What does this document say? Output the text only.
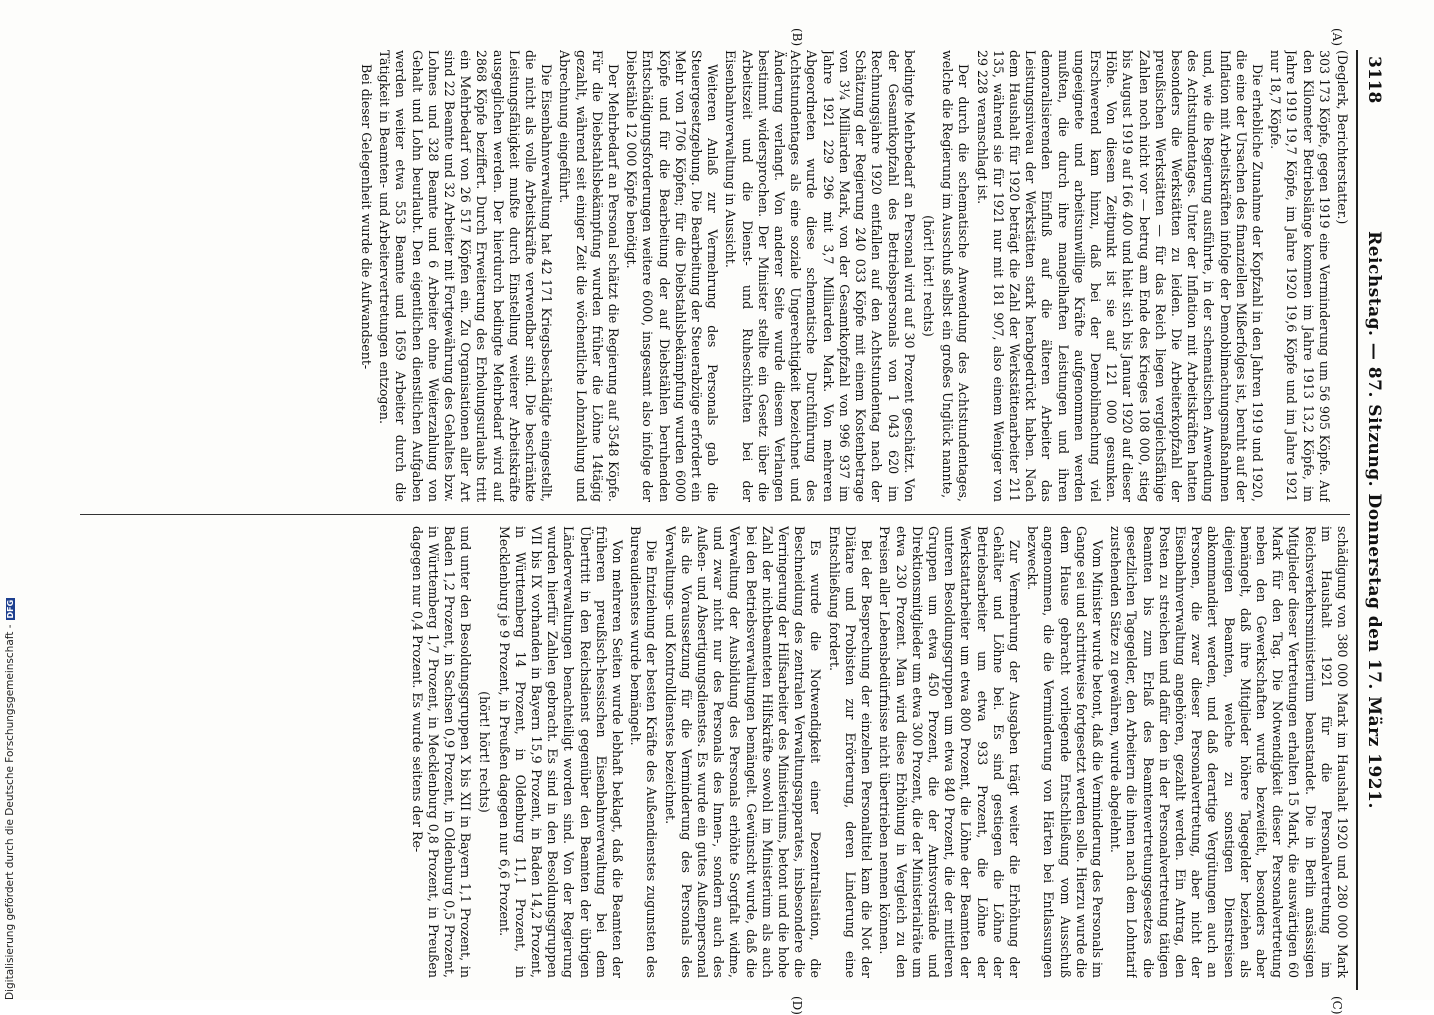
3118
Reichstag. — 87. Sitzung. Donnerstag den 17. März 1921.
(A)
(B)
(C)
(D)

(Deglerk, Berichterstatter.)

303 173 Köpfe, gegen 1919 eine Verminderung um 56 905 Köpfe. Auf den Kilometer Betriebslänge kommen im Jahre 1913 13,2 Köpfe, im Jahre 1919 19,7 Köpfe, im Jahre 1920 19,6 Köpfe und im Jahre 1921 nur 18,7 Köpfe.

Die erhebliche Zunahme der Kopfzahl in den Jahren 1919 und 1920, die eine der Ursachen des finanziellen Mißerfolges ist, beruht auf der Inflation mit Arbeitskräften infolge der Demobilmachungsmaßnahmen und, wie die Regierung ausführte, in der schematischen Anwendung des Achtstundentages. Unter der Inflation mit Arbeitskräften hatten besonders die Werkstätten zu leiden. Die Arbeiterkopfzahl der preußischen Werkstätten — für das Reich liegen vergleichsfähige Zahlen noch nicht vor — betrug am Ende des Krieges 108 000, stieg bis August 1919 auf 166 400 und hielt sich bis Januar 1920 auf dieser Höhe. Von diesem Zeitpunkt ist sie auf 121 000 gesunken. Erschwerend kam hinzu, daß bei der Demobilmachung viel ungeeignete und arbeitsunwillige Kräfte aufgenommen werden mußten, die durch ihre mangelhaften Leistungen und ihren demoralisierenden Einfluß auf die älteren Arbeiter das Leistungsniveau der Werkstätten stark herabgedrückt haben. Nach dem Haushalt für 1920 beträgt die Zahl der Werkstättenarbeiter 211 135, während sie für 1921 nur mit 181 907, also einem Weniger von 29 228 veranschlagt ist.

Der durch die schematische Anwendung des Achtstundentages, welche die Regierung im Ausschuß selbst ein großes Unglück nannte,

(hört! hört! rechts)

bedingte Mehrbedarf an Personal wird auf 30 Prozent geschätzt. Von der Gesamtkopfzahl des Betriebspersonals von 1 043 620 im Rechnungsjahre 1920 entfallen auf den Achtstundentag nach der Schätzung der Regierung 240 033 Köpfe mit einem Kostenbetrage von 3¼ Milliarden Mark, von der Gesamtkopfzahl von 996 937 im Jahre 1921 229 296 mit 3,7 Milliarden Mark. Von mehreren Abgeordneten wurde diese schematische Durchführung des Achtstundentages als eine soziale Ungerechtigkeit bezeichnet und Änderung verlangt. Von anderer Seite wurde diesem Verlangen bestimmt widersprochen. Der Minister stellte ein Gesetz über die Arbeitszeit und die Dienst- und Ruheschichten bei der Eisenbahnverwaltung in Aussicht.

Weiteren Anlaß zur Vermehrung des Personals gab die Steuergesetzgebung. Die Bearbeitung der Steuerabzüge erfordert ein Mehr von 1706 Köpfen; für die Diebstahlsbekämpfung wurden 6000 Köpfe und für die Bearbeitung der auf Diebstählen beruhenden Entschädigungsforderungen weitere 6000, insgesamt also infolge der Diebstähle 12 000 Köpfe benötigt.

Der Mehrbedarf an Personal schätzt die Regierung auf 3548 Köpfe. Für die Diebstahlsbekämpfung wurden früher die Löhne 14tägig gezahlt, während seit einiger Zeit die wöchentliche Lohnzahlung und Abrechnung eingeführt.

Die Eisenbahnverwaltung hat 42 171 Kriegsbeschädigte eingestellt, die nicht als volle Arbeitskräfte verwendbar sind. Die beschränkte Leistungsfähigkeit mußte durch Einstellung weiterer Arbeitskräfte ausgeglichen werden. Der hierdurch bedingte Mehrbedarf wird auf 2868 Köpfe beziffert. Durch Erweiterung des Erholungsurlaubs tritt ein Mehrbedarf von 26 517 Köpfen ein. Zu Organisationen aller Art sind 22 Beamte und 32 Arbeiter mit Fortgewährung des Gehaltes bzw. Lohnes und 328 Beamte und 6 Arbeiter ohne Weiterzahlung von Gehalt und Lohn beurlaubt. Den eigentlichen dienstlichen Aufgaben werden weiter etwa 553 Beamte und 1659 Arbeiter durch die Tätigkeit in Beamten- und Arbeitervertretungen entzogen.

Bei dieser Gelegenheit wurde die Aufwandsent-

schädigung von 380 000 Mark im Haushalt 1920 und 280 000 Mark im Haushalt 1921 für die Personalvertretung im Reichsverkehrsministerium beanstandet. Die in Berlin ansässigen Mitglieder dieser Vertretungen erhalten 15 Mark, die auswärtigen 60 Mark für den Tag. Die Notwendigkeit dieser Personalvertretung neben den Gewerkschaften wurde bezweifelt, besonders aber bemängelt, daß ihre Mitglieder höhere Tagegelder beziehen als diejenigen Beamten, welche zu sonstigen Dienstreisen abkommandiert werden, und daß derartige Vergütungen auch an Personen, die zwar dieser Personalvertretung, aber nicht der Eisenbahnverwaltung angehören, gezahlt werden. Ein Antrag, den Posten zu streichen und dafür den in der Personalvertretung tätigen Beamten bis zum Erlaß des Beamtenvertretungsgesetzes die gesetzlichen Tagegelder, den Arbeitern die ihnen nach dem Lohntarif zustehenden Sätze zu gewähren, wurde abgelehnt.

Vom Minister wurde betont, daß die Verminderung des Personals im Gange sei und schrittweise fortgesetzt werden solle. Hierzu wurde die dem Hause gebracht vorliegende Entschließung vom Ausschuß angenommen, die die Verminderung von Härten bei Entlassungen bezweckt.

Zur Vermehrung der Ausgaben trägt weiter die Erhöhung der Gehälter und Löhne bei. Es sind gestiegen die Löhne der Betriebsarbeiter um etwa 933 Prozent, die Löhne der Werkstattarbeiter um etwa 800 Prozent, die Löhne der Beamten der unteren Besoldungsgruppen um etwa 840 Prozent, die der mittleren Gruppen um etwa 450 Prozent, die der Amtsvorstände und Direktionsmitglieder um etwa 300 Prozent, die der Ministerialräte um etwa 230 Prozent. Man wird diese Erhöhung in Vergleich zu den Preisen aller Lebensbedürfnisse nicht übertrieben nennen können.

Bei der Besprechung der einzelnen Personaltitel kam die Not der Diätare und Probisten zur Erörterung, deren Linderung eine Entschließung fordert.

Es wurde die Notwendigkeit einer Dezentralisation, die Beschneidung des zentralen Verwaltungsapparates, insbesondere die Verringerung der Hilfsarbeiter des Ministeriums, betont und die hohe Zahl der nichtbeamteten Hilfskräfte sowohl im Ministerium als auch bei den Betriebsverwaltungen bemängelt. Gewünscht wurde, daß die Verwaltung der Ausbildung des Personals erhöhte Sorgfalt widme, und zwar nicht nur des Personals des Innen-, sondern auch des Außen- und Absertigungsdienstes. Es wurde ein gutes Außenpersonal als die Voraussetzung für die Verminderung des Personals des Verwaltungs- und Kontrolldienstes bezeichnet.

Die Entziehung der besten Kräfte des Außendienstes zugunsten des Bureaudienstes wurde bemängelt.

Von mehreren Seiten wurde lebhaft beklagt, daß die Beamten der früheren preußisch-hessischen Eisenbahnverwaltung bei dem Übertritt in den Reichsdienst gegenüber den Beamten der übrigen Länderverwaltungen benachteiligt worden sind. Von der Regierung wurden hierfür Zahlen gebracht. Es sind in den Besoldungsgruppen VII bis IX vorhanden in Bayern 15,9 Prozent, in Baden 14,2 Prozent, in Württemberg 14 Prozent, in Oldenburg 11,1 Prozent, in Mecklenburg je 9 Prozent, in Preußen dagegen nur 6,6 Prozent.

(hört! hört! rechts)

und unter den Besoldungsgruppen X bis XII in Bayern 1,1 Prozent, in Baden 1,2 Prozent, in Sachsen 0,9 Prozent, in Oldenburg 0,5 Prozent, in Württemberg 1,7 Prozent, in Mecklenburg 0,8 Prozent, in Preußen dagegen nur 0,4 Prozent. Es wurde seitens der Re-

Digitalisierung gefördert durch die Deutsche Forschungsgemeinschaft -DFG
